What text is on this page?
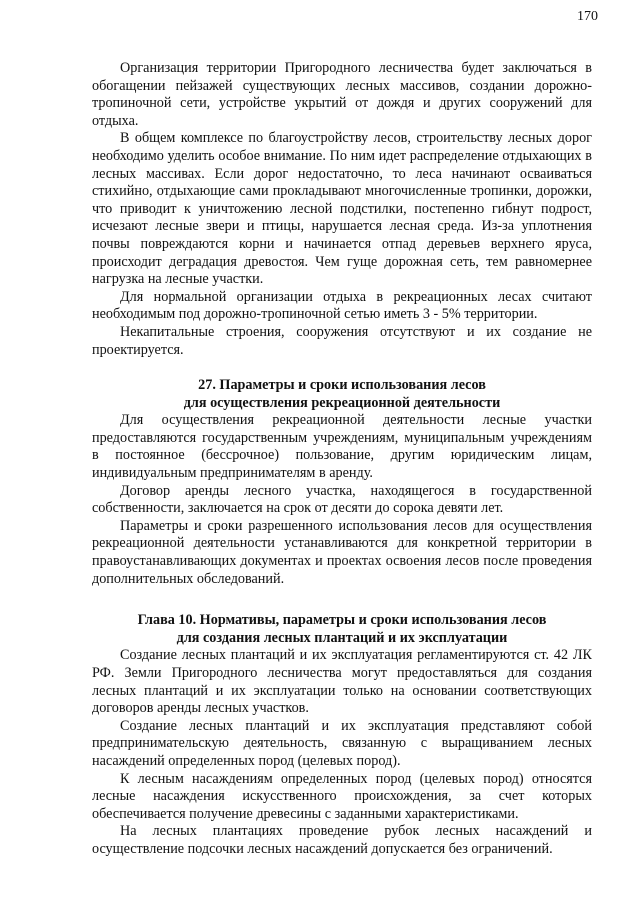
170

Организация территории Пригородного лесничества будет заключаться в обогащении пейзажей существующих лесных массивов, создании дорожно-тропиночной сети, устройстве укрытий от дождя и других сооружений для отдыха.

В общем комплексе по благоустройству лесов, строительству лесных дорог необходимо уделить особое внимание. По ним идет распределение отдыхающих в лесных массивах. Если дорог недостаточно, то леса начинают осваиваться стихийно, отдыхающие сами прокладывают многочисленные тропинки, дорожки, что приводит к уничтожению лесной подстилки, постепенно гибнут подрост, исчезают лесные звери и птицы, нарушается лесная среда. Из-за уплотнения почвы повреждаются корни и начинается отпад деревьев верхнего яруса, происходит деградация древостоя. Чем гуще дорожная сеть, тем равномернее нагрузка на лесные участки.

Для нормальной организации отдыха в рекреационных лесах считают необходимым под дорожно-тропиночной сетью иметь 3 - 5% территории.

Некапитальные строения, сооружения отсутствуют и их создание не проектируется.

27. Параметры и сроки использования лесов
для осуществления рекреационной деятельности

Для осуществления рекреационной деятельности лесные участки предоставляются государственным учреждениям, муниципальным учреждениям в постоянное (бессрочное) пользование, другим юридическим лицам, индивидуальным предпринимателям в аренду.

Договор аренды лесного участка, находящегося в государственной собственности, заключается на срок от десяти до сорока девяти лет.

Параметры и сроки разрешенного использования лесов для осуществления рекреационной деятельности устанавливаются для конкретной территории в правоустанавливающих документах и проектах освоения лесов после проведения дополнительных обследований.

Глава 10. Нормативы, параметры и сроки использования лесов
для создания лесных плантаций и их эксплуатации

Создание лесных плантаций и их эксплуатация регламентируются ст. 42 ЛК РФ. Земли Пригородного лесничества могут предоставляться для создания лесных плантаций и их эксплуатации только на основании соответствующих договоров аренды лесных участков.

Создание лесных плантаций и их эксплуатация представляют собой предпринимательскую деятельность, связанную с выращиванием лесных насаждений определенных пород (целевых пород).

К лесным насаждениям определенных пород (целевых пород) относятся лесные насаждения искусственного происхождения, за счет которых обеспечивается получение древесины с заданными характеристиками.

На лесных плантациях проведение рубок лесных насаждений и осуществление подсочки лесных насаждений допускается без ограничений.
